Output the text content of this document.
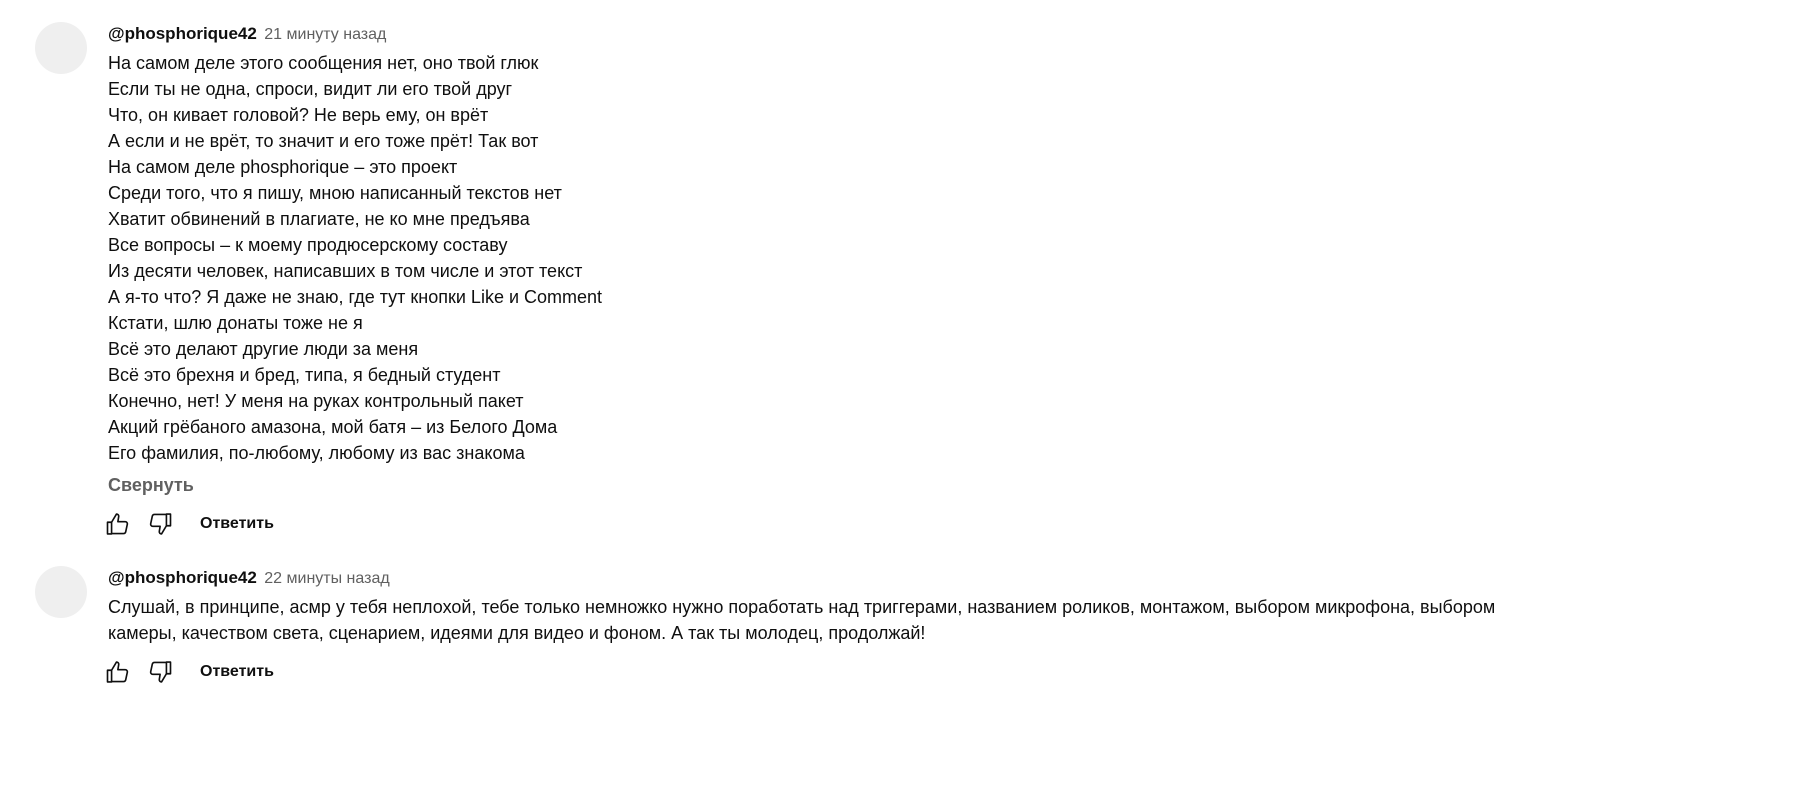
@phosphorique42 21 минуту назад
На самом деле этого сообщения нет, оно твой глюк
Если ты не одна, спроси, видит ли его твой друг
Что, он кивает головой? Не верь ему, он врёт
А если и не врёт, то значит и его тоже прёт! Так вот
На самом деле phosphorique – это проект
Среди того, что я пишу, мною написанный текстов нет
Хватит обвинений в плагиате, не ко мне предъява
Все вопросы – к моему продюсерскому составу
Из десяти человек, написавших в том числе и этот текст
А я-то что? Я даже не знаю, где тут кнопки Like и Comment
Кстати, шлю донаты тоже не я
Всё это делают другие люди за меня
Всё это брехня и бред, типа, я бедный студент
Конечно, нет! У меня на руках контрольный пакет
Акций грёбаного амазона, мой батя – из Белого Дома
Его фамилия, по-любому, любому из вас знакома
Свернуть
Ответить
@phosphorique42 22 минуты назад
Слушай, в принципе, асмр у тебя неплохой, тебе только немножко нужно поработать над триггерами, названием роликов, монтажом, выбором микрофона, выбором камеры, качеством света, сценарием, идеями для видео и фоном. А так ты молодец, продолжай!
Ответить
